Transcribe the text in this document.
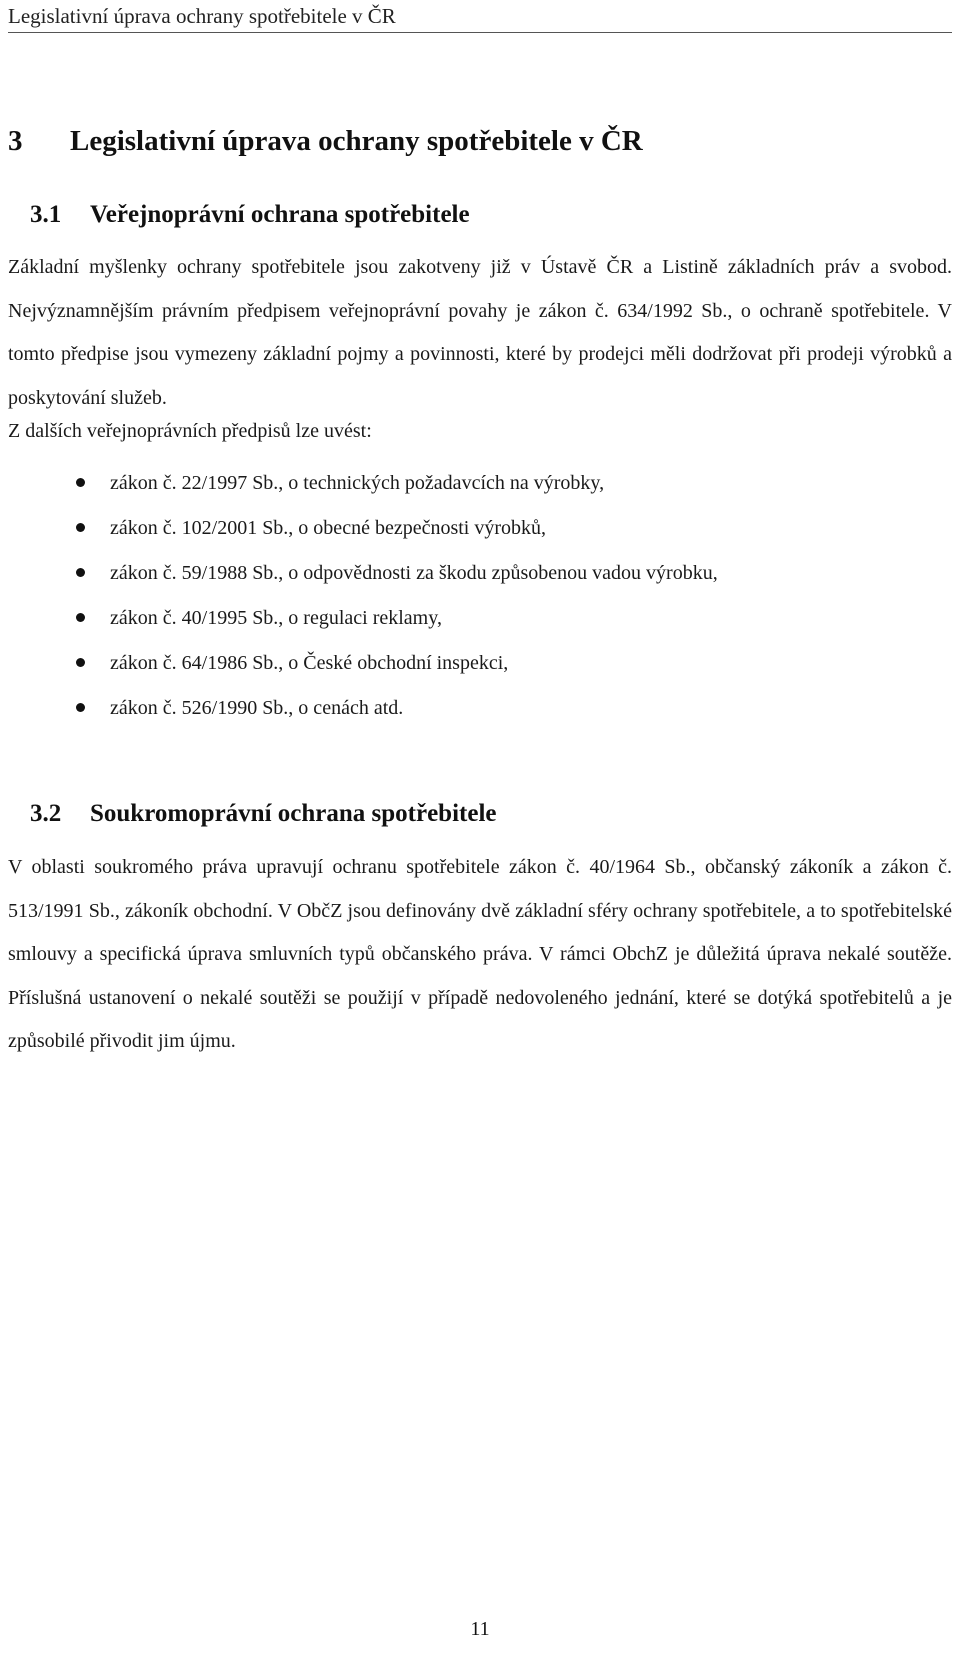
Legislativní úprava ochrany spotřebitele v ČR
3 Legislativní úprava ochrany spotřebitele v ČR
3.1 Veřejnoprávní ochrana spotřebitele

Základní myšlenky ochrany spotřebitele jsou zakotveny již v Ústavě ČR a Listině základních práv a svobod. Nejvýznamnějším právním předpisem veřejnoprávní povahy je zákon č. 634/1992 Sb., o ochraně spotřebitele. V tomto předpise jsou vymezeny základní pojmy a povinnosti, které by prodejci měli dodržovat při prodeji výrobků a poskytování služeb.

Z dalších veřejnoprávních předpisů lze uvést:
zákon č. 22/1997 Sb., o technických požadavcích na výrobky,
zákon č. 102/2001 Sb., o obecné bezpečnosti výrobků,
zákon č. 59/1988 Sb., o odpovědnosti za škodu způsobenou vadou výrobku,
zákon č. 40/1995 Sb., o regulaci reklamy,
zákon č. 64/1986 Sb., o České obchodní inspekci,
zákon č. 526/1990 Sb., o cenách atd.
3.2 Soukromoprávní ochrana spotřebitele

V oblasti soukromého práva upravují ochranu spotřebitele zákon č. 40/1964 Sb., občanský zákoník a zákon č. 513/1991 Sb., zákoník obchodní. V ObčZ jsou definovány dvě základní sféry ochrany spotřebitele, a to spotřebitelské smlouvy a specifická úprava smluvních typů občanského práva. V rámci ObchZ je důležitá úprava nekalé soutěže. Příslušná ustanovení o nekalé soutěži se použijí v případě nedovoleného jednání, které se dotýká spotřebitelů a je způsobilé přivodit jim újmu.

11
